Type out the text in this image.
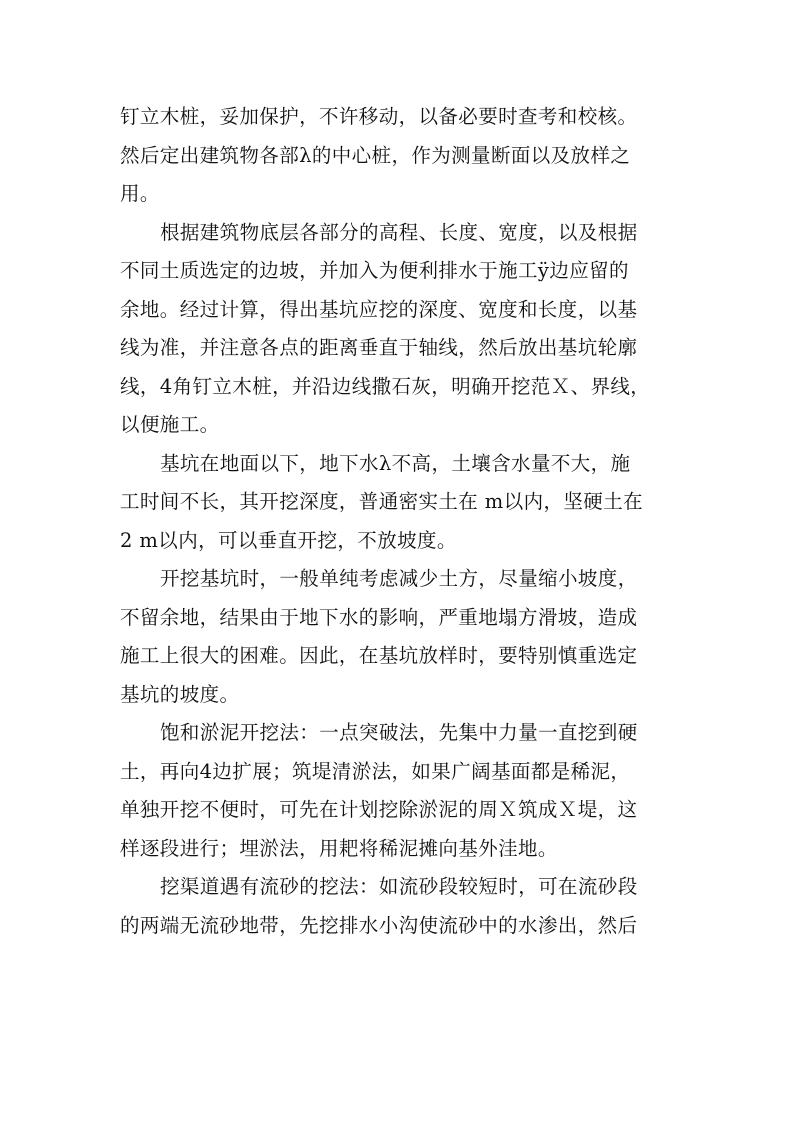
钉立木桩，妥加保护，不许移动，以备必要时查考和校核。
然后定出建筑物各部λ的中心桩，作为测量断面以及放样之
用。
根据建筑物底层各部分的高程、长度、宽度，以及根据
不同土质选定的边坡，并加入为便利排水于施工ÿ边应留的
余地。经过计算，得出基坑应挖的深度、宽度和长度，以基
线为准，并注意各点的距离垂直于轴线，然后放出基坑轮廓
线，4角钉立木桩，并沿边线撒石灰，明确开挖范Ｘ、界线，
以便施工。
基坑在地面以下，地下水λ不高，土壤含水量不大，施
工时间不长，其开挖深度，普通密实土在 m以内，坚硬土在
2 m以内，可以垂直开挖，不放坡度。
开挖基坑时，一般单纯考虑减少土方，尽量缩小坡度，
不留余地，结果由于地下水的影响，严重地塌方滑坡，造成
施工上很大的困难。因此，在基坑放样时，要特别慎重选定
基坑的坡度。
饱和淤泥开挖法：一点突破法，先集中力量一直挖到硬
土，再向4边扩展；筑堤清淤法，如果广阔基面都是稀泥，
单独开挖不便时，可先在计划挖除淤泥的周Ｘ筑成Ｘ堤，这
样逐段进行；埋淤法，用耙将稀泥摊向基外洼地。
挖渠道遇有流砂的挖法：如流砂段较短时，可在流砂段
的两端无流砂地带，先挖排水小沟使流砂中的水渗出，然后
